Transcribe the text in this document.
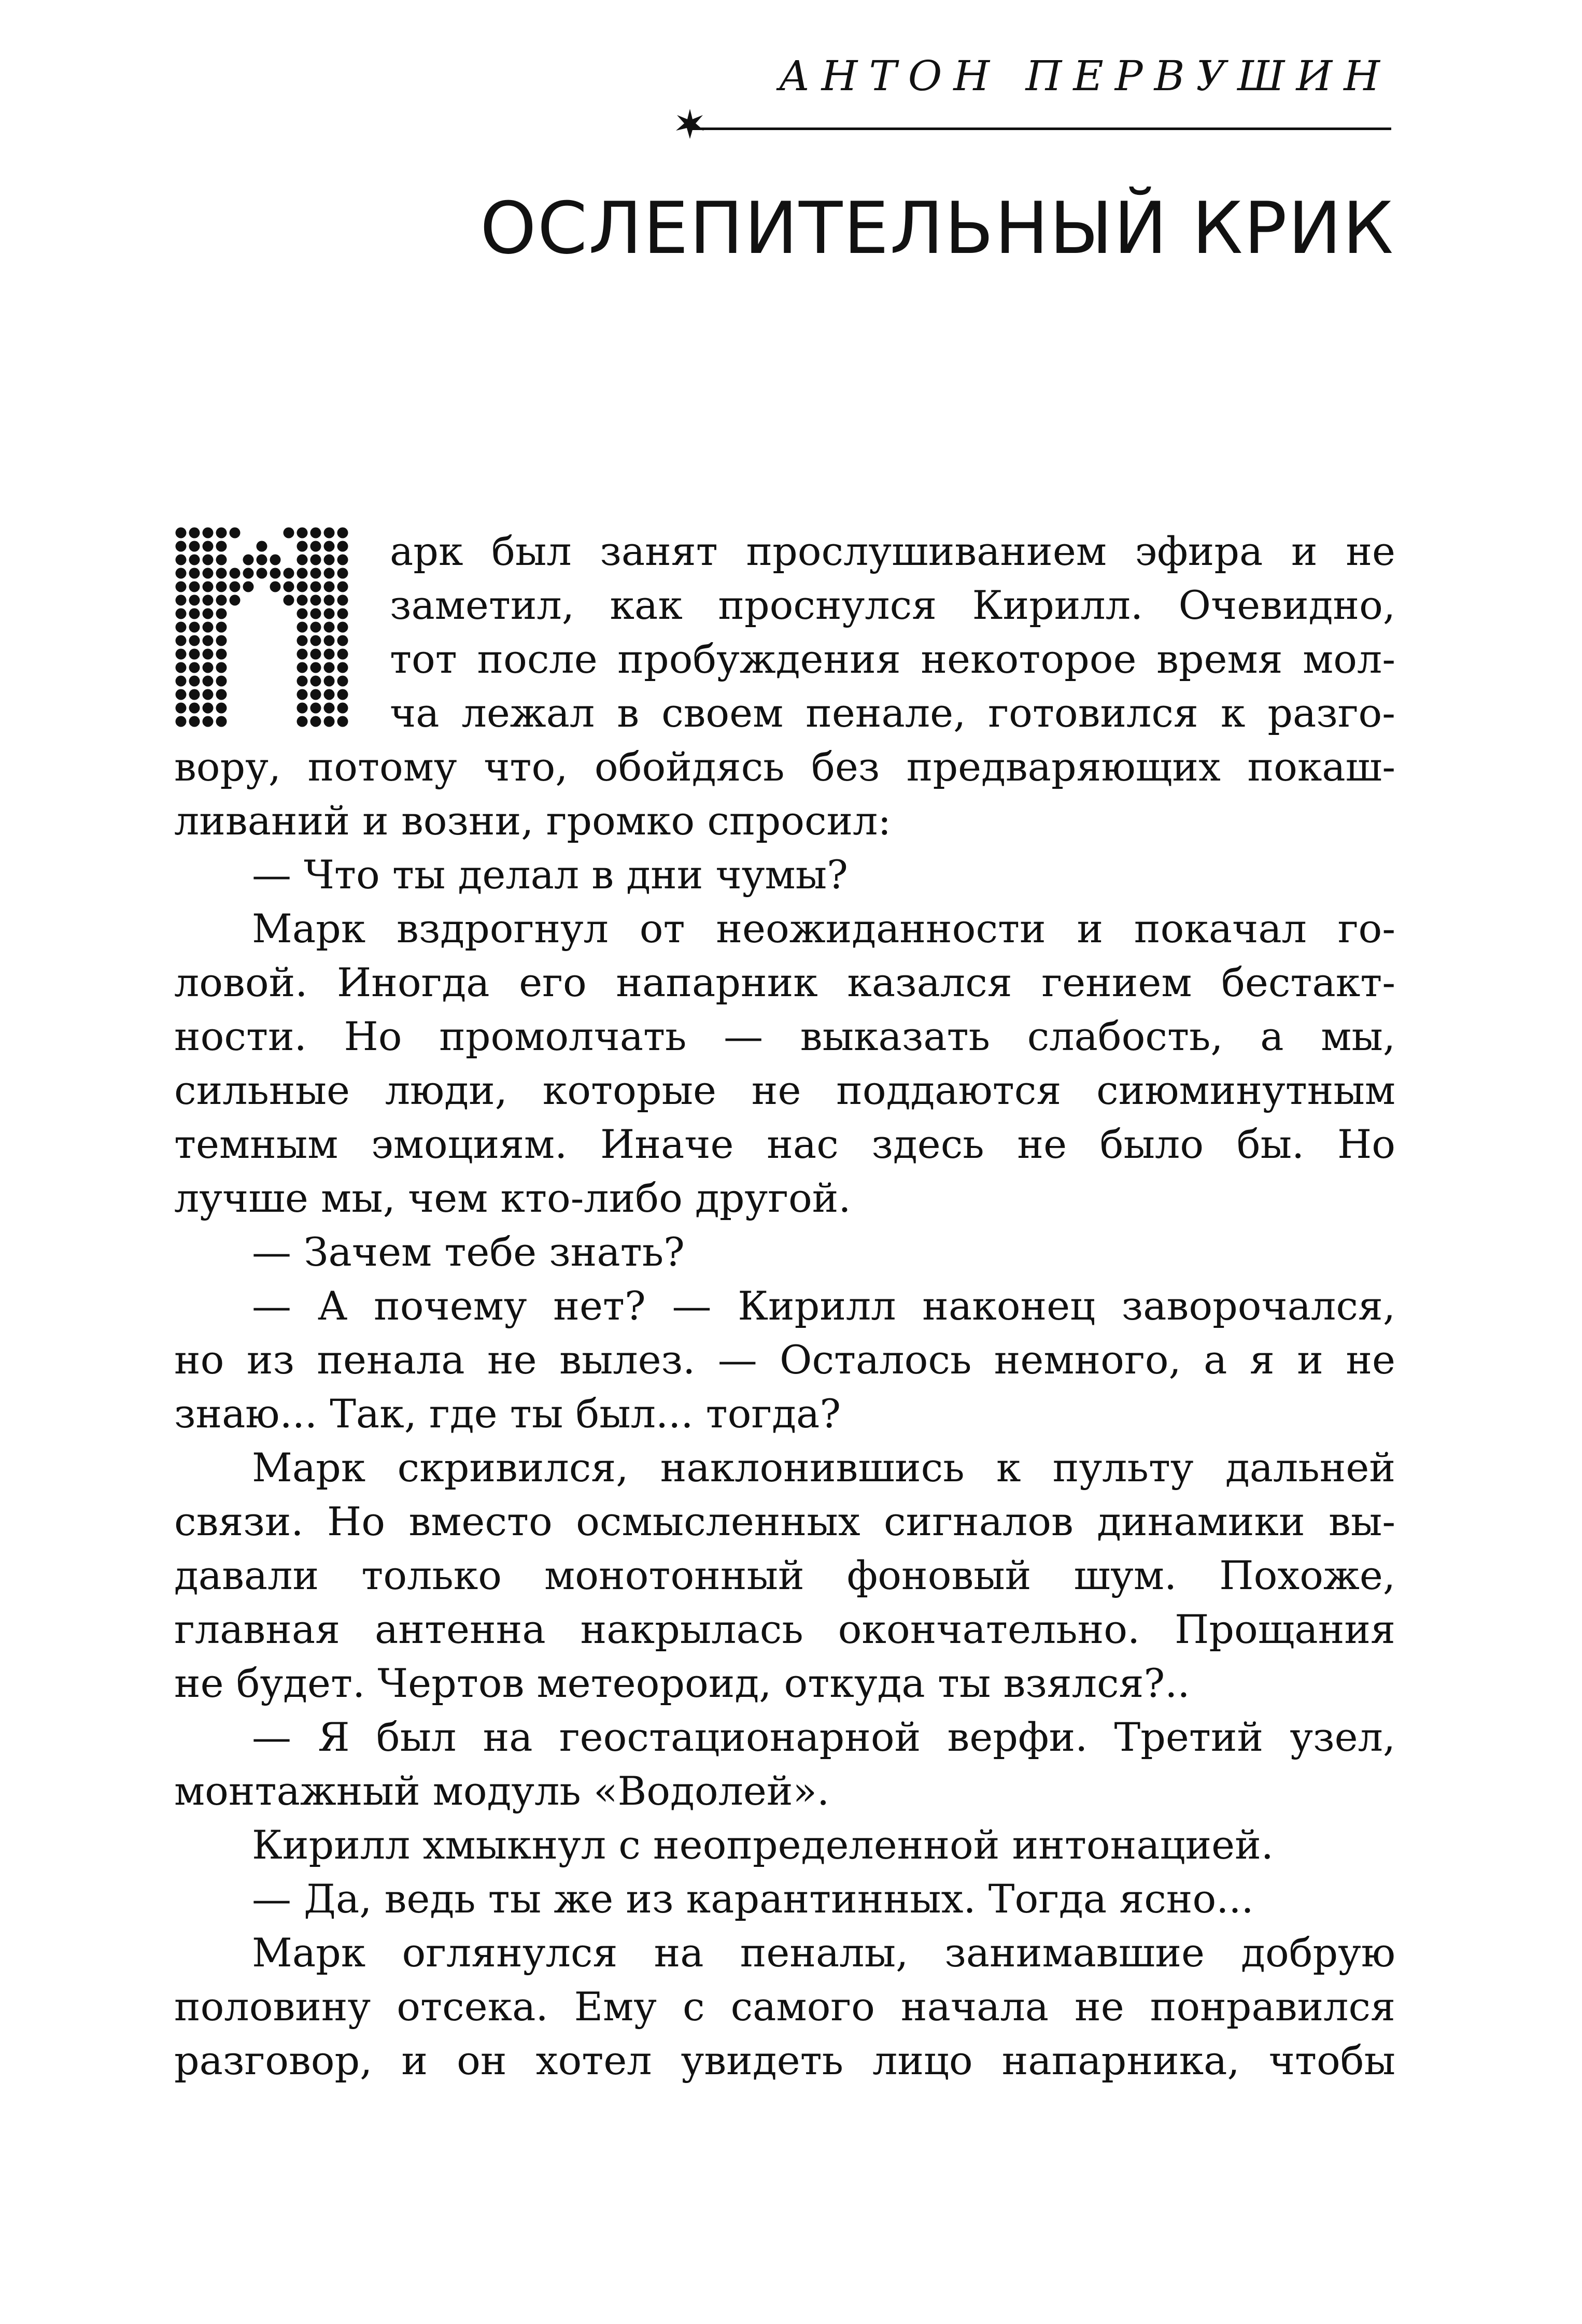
АНТОН ПЕРВУШИН
ОСЛЕПИТЕЛЬНЫЙ КРИК
арк был занят прослушиванием эфира и не
заметил, как проснулся Кирилл. Очевидно,
тот после пробуждения некоторое время мол-
ча лежал в своем пенале, готовился к разго-
вору, потому что, обойдясь без предваряющих покаш-
ливаний и возни, громко спросил:
— Что ты делал в дни чумы?
Марк вздрогнул от неожиданности и покачал го-
ловой. Иногда его напарник казался гением бестакт-
ности. Но промолчать — выказать слабость, а мы,
сильные люди, которые не поддаются сиюминутным
темным эмоциям. Иначе нас здесь не было бы. Но
лучше мы, чем кто-либо другой.
— Зачем тебе знать?
— А почему нет? — Кирилл наконец заворочался,
но из пенала не вылез. — Осталось немного, а я и не
знаю... Так, где ты был... тогда?
Марк скривился, наклонившись к пульту дальней
связи. Но вместо осмысленных сигналов динамики вы-
давали только монотонный фоновый шум. Похоже,
главная антенна накрылась окончательно. Прощания
не будет. Чертов метеороид, откуда ты взялся?..
— Я был на геостационарной верфи. Третий узел,
монтажный модуль «Водолей».
Кирилл хмыкнул с неопределенной интонацией.
— Да, ведь ты же из карантинных. Тогда ясно...
Марк оглянулся на пеналы, занимавшие добрую
половину отсека. Ему с самого начала не понравился
разговор, и он хотел увидеть лицо напарника, чтобы
